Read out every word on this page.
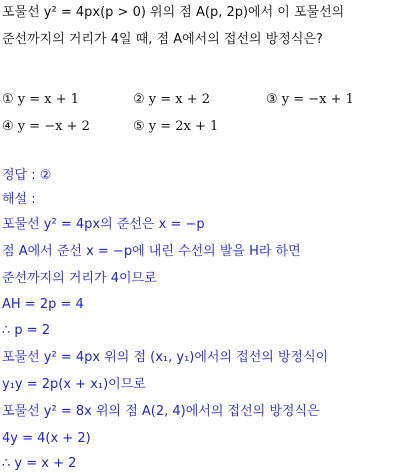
포물선 y² = 4px(p > 0) 위의 점 A(p, 2p)에서 이 포물선의
준선까지의 거리가 4일 때, 점 A에서의 접선의 방정식은?
① y = x + 1	② y = x + 2	③ y = −x + 1
④ y = −x + 2	⑤ y = 2x + 1
정답 : ②
해설 :
포물선 y² = 4px의 준선은 x = −p
점 A에서 준선 x = −p에 내린 수선의 발을 H라 하면
준선까지의 거리가 4이므로
AH = 2p = 4
∴ p = 2
포물선 y² = 4px 위의 점 (x₁, y₁)에서의 접선의 방정식이
y₁y = 2p(x + x₁)이므로
포물선 y² = 8x 위의 점 A(2, 4)에서의 접선의 방정식은
4y = 4(x + 2)
∴ y = x + 2
